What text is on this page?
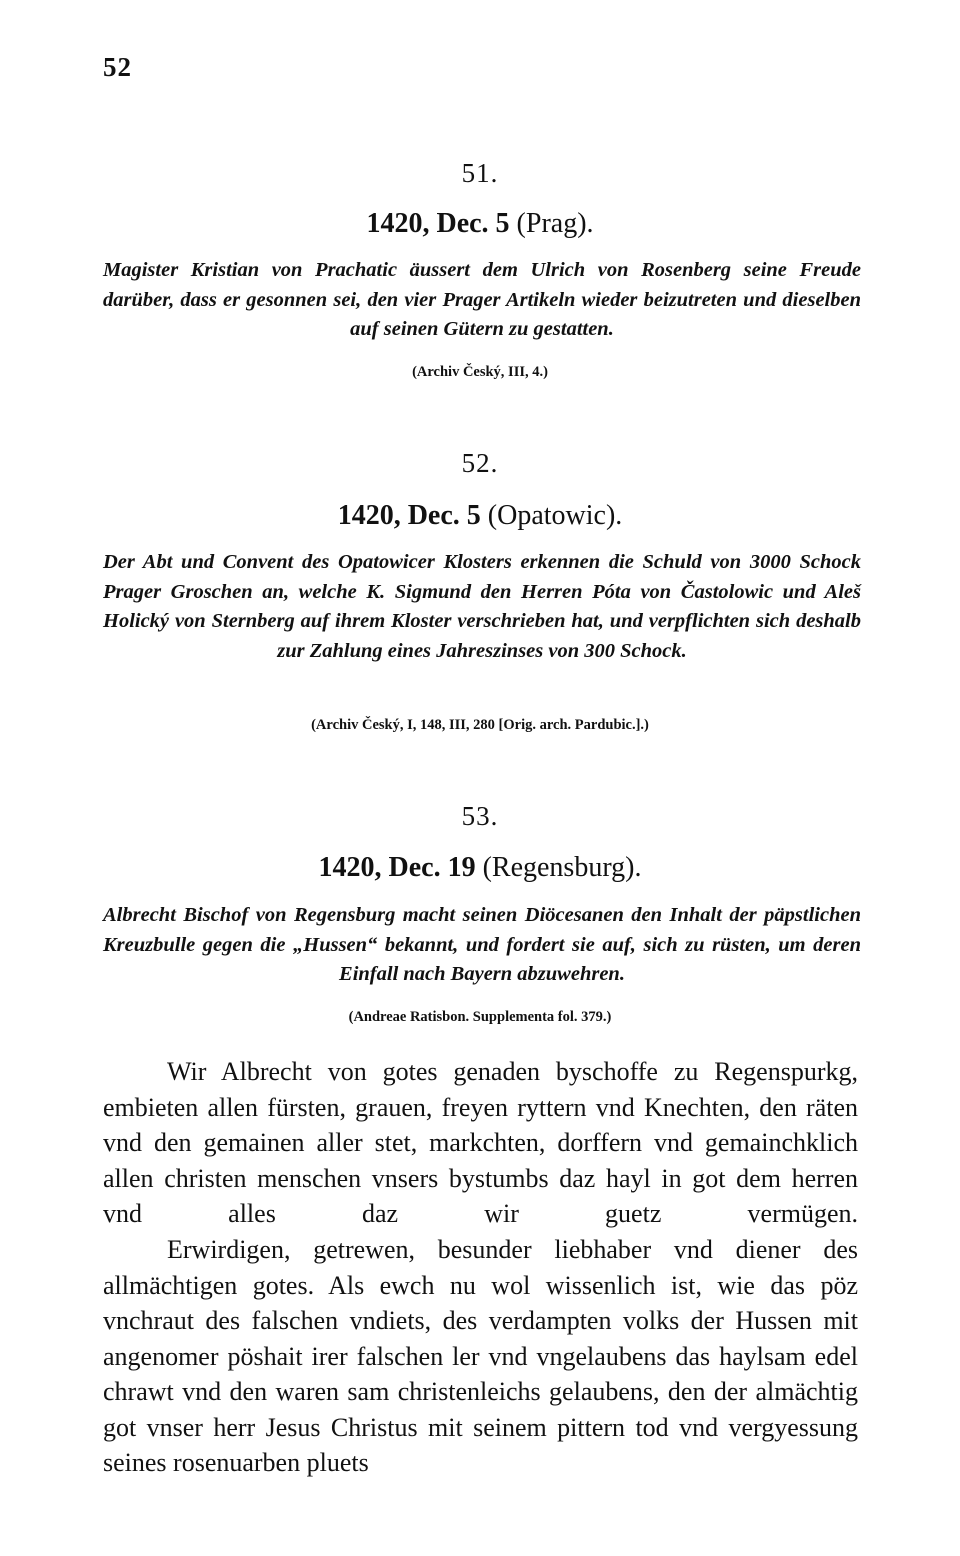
52
51.
1420, Dec. 5 (Prag).
Magister Kristian von Prachatic äussert dem Ulrich von Rosenberg seine Freude darüber, dass er gesonnen sei, den vier Prager Artikeln wieder beizutreten und dieselben auf seinen Gütern zu gestatten.
(Archiv Český, III, 4.)
52.
1420, Dec. 5 (Opatowic).
Der Abt und Convent des Opatowicer Klosters erkennen die Schuld von 3000 Schock Prager Groschen an, welche K. Sigmund den Herren Póta von Častolowic und Aleš Holický von Sternberg auf ihrem Kloster verschrieben hat, und verpflichten sich deshalb zur Zahlung eines Jahreszinses von 300 Schock.
(Archiv Český, I, 148, III, 280 [Orig. arch. Pardubic.].)
53.
1420, Dec. 19 (Regensburg).
Albrecht Bischof von Regensburg macht seinen Diöcesanen den Inhalt der päpstlichen Kreuzbulle gegen die „Hussen“ bekannt, und fordert sie auf, sich zu rüsten, um deren Einfall nach Bayern abzuwehren.
(Andreae Ratisbon. Supplementa fol. 379.)
Wir Albrecht von gotes genaden byschoffe zu Regenspurkg, embieten allen fürsten, grauen, freyen ryttern vnd Knechten, den räten vnd den gemainen aller stet, markchten, dorffern vnd gemainchklich allen christen menschen vnsers bystumbs daz hayl in got dem herren vnd alles daz wir guetz vermügen.
Erwirdigen, getrewen, besunder liebhaber vnd diener des allmächtigen gotes. Als ewch nu wol wissenlich ist, wie das pöz vnchraut des falschen vndiets, des verdampten volks der Hussen mit angenomer pöshait irer falschen ler vnd vngelaubens das haylsam edel chrawt vnd den waren sam christenleichs gelaubens, den der almächtig got vnser herr Jesus Christus mit seinem pittern tod vnd vergyessung seines rosenuarben pluets
